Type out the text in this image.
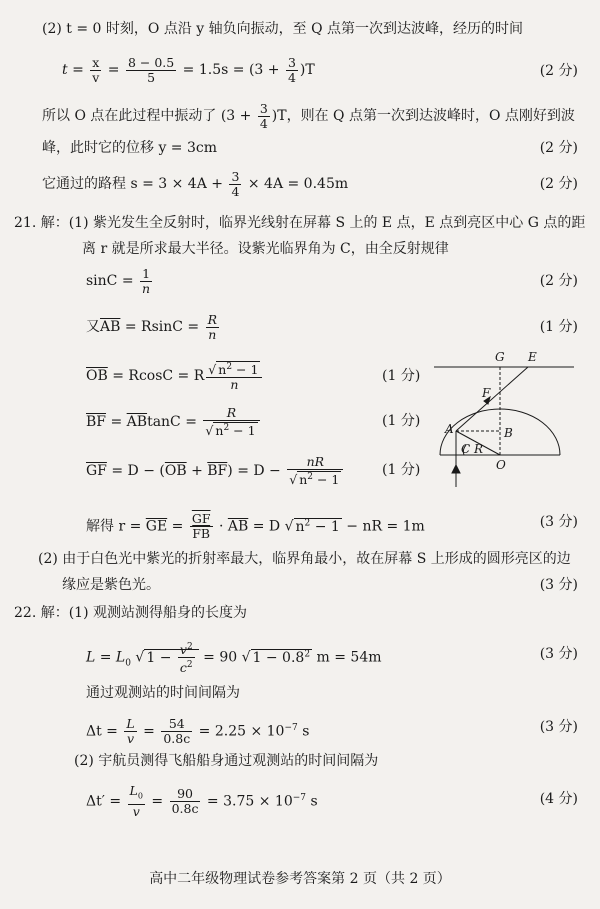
(2) t = 0 时刻，O 点沿 y 轴负向振动，至 Q 点第一次到达波峰，经历的时间
$t = \frac{x}{v} = \frac{8 - 0.5}{5} = 1.5s = (3 + \frac{3}{4} )T$	(2 分)
所以 O 点在此过程中振动了 $(3 + \frac{3}{4} )T$，则在 Q 点第一次到达波峰时，O 点刚好到波
峰，此时它的位移 y = 3cm	(2 分)
它通过的路程 $s = 3 \times 4A + \frac{3}{4} \times 4A = 0.45m$	(2 分)
21. 解：(1) 紫光发生全反射时，临界光线射在屏幕 S 上的 E 点，E 点到亮区中心 G 点的距
离 r 就是所求最大半径。设紫光临界角为 C，由全反射规律
$\sin C = \frac{1}{n}$	(2 分)
又$\overline{AB} = RsinC = \frac{R}{n}$	(1 分)
$\overline{OB} = RcosC = R \frac{√ n^2 - 1}{n}$	(1 分)
$\overline{BF} = \overline{AB}\tan C = \frac{R}{√ n^2 - 1}$	(1 分)
$\overline{GF} = D - (\overline{OB} + \overline{BF}) = D - \frac{nR}{√ n^2 - 1}$	(1 分)
解得 $r = \overline{GE} = \frac{\overline{GF}}{FB} \cdot \overline{AB} = D$ √ $n^2 - 1$ − nR = 1m	(3 分)
G E
F
A	B
C R
O
(2) 由于白色光中紫光的折射率最大，临界角最小，故在屏幕 S 上形成的圆形亮区的边
缘应是紫色光。	(3 分)
22. 解：(1) 观测站测得船身的长度为
$L = L_0$ √ $1 - \frac{v^2}{c^2} = 90$ √ $1 - 0.8^2$ m = 54m	(3 分)
通过观测站的时间间隔为
$\Delta t = \frac{L}{v} = \frac{54}{0.8c} = 2.25 \times 10^{-7}$ s	(3 分)
(2) 宇航员测得飞船船身通过观测站的时间间隔为
$\Delta t' = \frac{L_0}{v} = \frac{90}{0.8c} = 3.75 \times 10^{-7}$ s	(4 分)
高中二年级物理试卷参考答案第 2 页（共 2 页）
